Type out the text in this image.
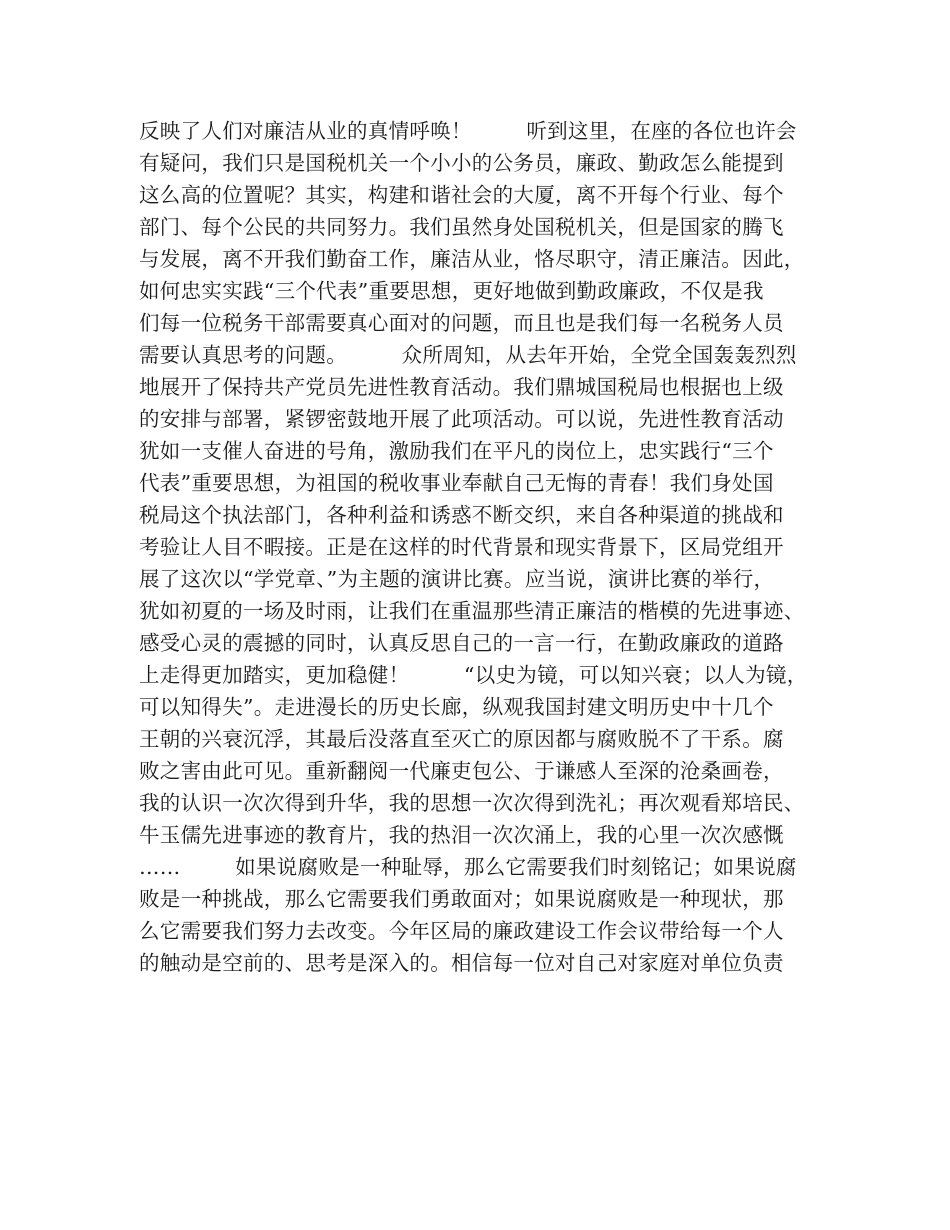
反映了人们对廉洁从业的真情呼唤！        听到这里，在座的各位也许会
有疑问，我们只是国税机关一个小小的公务员，廉政、勤政怎么能提到
这么高的位置呢？其实，构建和谐社会的大厦，离不开每个行业、每个
部门、每个公民的共同努力。我们虽然身处国税机关，但是国家的腾飞
与发展，离不开我们勤奋工作，廉洁从业，恪尽职守，清正廉洁。因此，
如何忠实实践“三个代表”重要思想，更好地做到勤政廉政，不仅是我
们每一位税务干部需要真心面对的问题，而且也是我们每一名税务人员
需要认真思考的问题。        众所周知，从去年开始，全党全国轰轰烈烈
地展开了保持共产党员先进性教育活动。我们鼎城国税局也根据也上级
的安排与部署，紧锣密鼓地开展了此项活动。可以说，先进性教育活动
犹如一支催人奋进的号角，激励我们在平凡的岗位上，忠实践行“三个
代表”重要思想，为祖国的税收事业奉献自己无悔的青春！我们身处国
税局这个执法部门，各种利益和诱惑不断交织，来自各种渠道的挑战和
考验让人目不暇接。正是在这样的时代背景和现实背景下，区局党组开
展了这次以“学党章、”为主题的演讲比赛。应当说，演讲比赛的举行，
犹如初夏的一场及时雨，让我们在重温那些清正廉洁的楷模的先进事迹、
感受心灵的震撼的同时，认真反思自己的一言一行，在勤政廉政的道路
上走得更加踏实，更加稳健！        “以史为镜，可以知兴衰；以人为镜，
可以知得失”。走进漫长的历史长廊，纵观我国封建文明历史中十几个
王朝的兴衰沉浮，其最后没落直至灭亡的原因都与腐败脱不了干系。腐
败之害由此可见。重新翻阅一代廉吏包公、于谦感人至深的沧桑画卷，
我的认识一次次得到升华，我的思想一次次得到洗礼；再次观看郑培民、
牛玉儒先进事迹的教育片，我的热泪一次次涌上，我的心里一次次感慨
……        如果说腐败是一种耻辱，那么它需要我们时刻铭记；如果说腐
败是一种挑战，那么它需要我们勇敢面对；如果说腐败是一种现状，那
么它需要我们努力去改变。今年区局的廉政建设工作会议带给每一个人
的触动是空前的、思考是深入的。相信每一位对自己对家庭对单位负责
